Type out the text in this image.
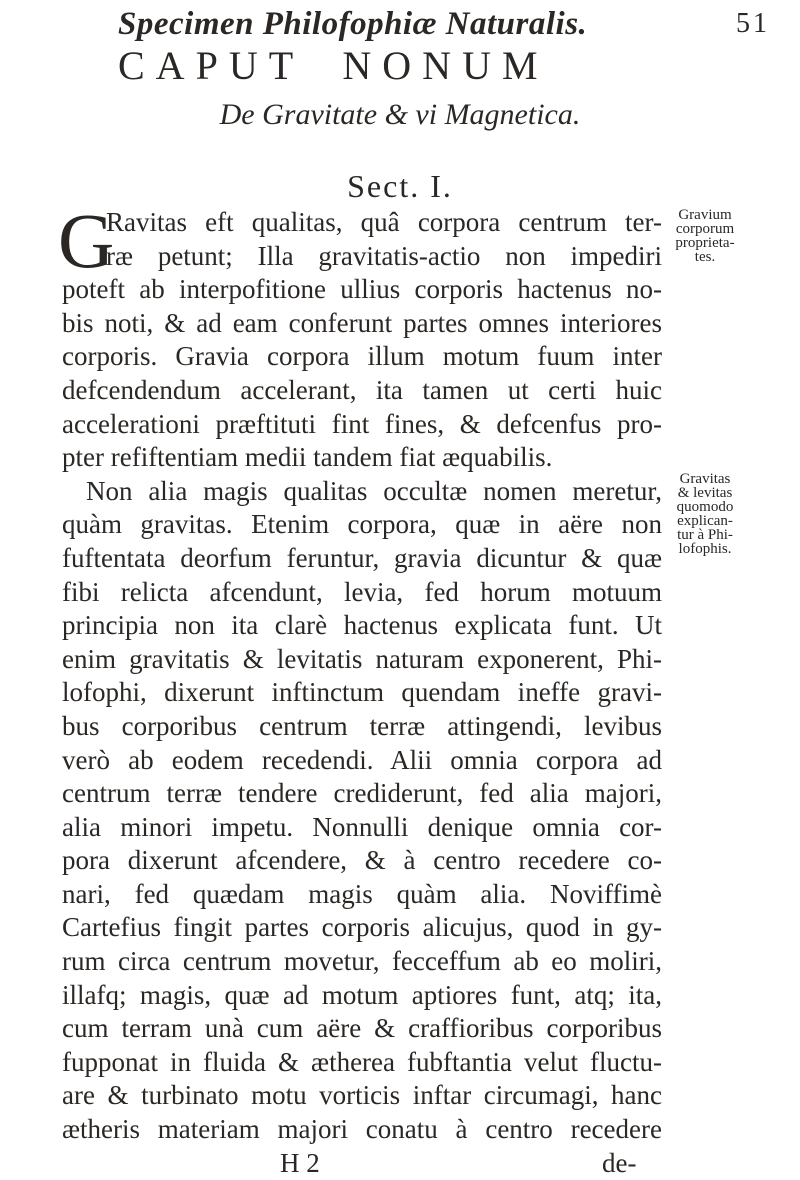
Specimen Philofophiæ Naturalis.	51
CAPUT NONUM
De Gravitate & vi Magnetica.
Sect. I.
G
Ravitas eft qualitas, quâ corpora centrum ter-
ræ petunt; Illa gravitatis-actio non impediri
poteft ab interpofitione ullius corporis hactenus no-
bis noti, & ad eam conferunt partes omnes interiores
corporis. Gravia corpora illum motum fuum inter
defcendendum accelerant, ita tamen ut certi huic
accelerationi præftituti fint fines, & defcenfus pro-
pter refiftentiam medii tandem fiat æquabilis.
Non alia magis qualitas occultæ nomen meretur,
quàm gravitas. Etenim corpora, quæ in aëre non
fuftentata deorfum feruntur, gravia dicuntur & quæ
fibi relicta afcendunt, levia, fed horum motuum
principia non ita clarè hactenus explicata funt. Ut
enim gravitatis & levitatis naturam exponerent, Phi-
lofophi, dixerunt inftinctum quendam ineffe gravi-
bus corporibus centrum terræ attingendi, levibus
verò ab eodem recedendi. Alii omnia corpora ad
centrum terræ tendere crediderunt, fed alia majori,
alia minori impetu. Nonnulli denique omnia cor-
pora dixerunt afcendere, & à centro recedere co-
nari, fed quædam magis quàm alia. Noviffimè
Cartefius fingit partes corporis alicujus, quod in gy-
rum circa centrum movetur, fecceffum ab eo moliri,
illafq; magis, quæ ad motum aptiores funt, atq; ita,
cum terram unà cum aëre & craffioribus corporibus
fupponat in fluida & ætherea fubftantia velut fluctu-
are & turbinato motu vorticis inftar circumagi, hanc
ætheris materiam majori conatu à centro recedere
H 2	de-
Gravium
corporum
proprieta-
tes.
Gravitas
& levitas
quomodo
explican-
tur à Phi-
lofophis.
